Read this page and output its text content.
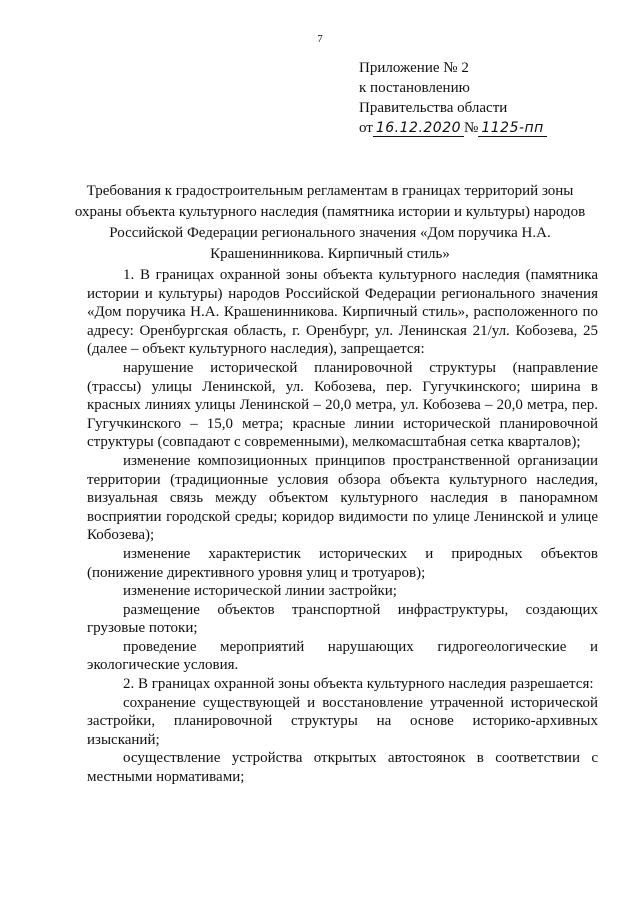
7
Приложение № 2
к постановлению
Правительства области
от 16.12.2020 № 1125-пп
Требования к градостроительным регламентам в границах территорий зоны охраны объекта культурного наследия (памятника истории и культуры) народов Российской Федерации регионального значения «Дом поручика Н.А. Крашенинникова. Кирпичный стиль»

1. В границах охранной зоны объекта культурного наследия (памятника истории и культуры) народов Российской Федерации регионального значения «Дом поручика Н.А. Крашенинникова. Кирпичный стиль», расположенного по адресу: Оренбургская область, г. Оренбург, ул. Ленинская 21/ул. Кобозева, 25 (далее – объект культурного наследия), запрещается:

нарушение исторической планировочной структуры (направление (трассы) улицы Ленинской, ул. Кобозева, пер. Гугучкинского; ширина в красных линиях улицы Ленинской – 20,0 метра, ул. Кобозева – 20,0 метра, пер. Гугучкинского – 15,0 метра; красные линии исторической планировочной структуры (совпадают с современными), мелкомасштабная сетка кварталов);

изменение композиционных принципов пространственной организации территории (традиционные условия обзора объекта культурного наследия, визуальная связь между объектом культурного наследия в панорамном восприятии городской среды; коридор видимости по улице Ленинской и улице Кобозева);

изменение характеристик исторических и природных объектов (понижение директивного уровня улиц и тротуаров);

изменение исторической линии застройки;

размещение объектов транспортной инфраструктуры, создающих грузовые потоки;

проведение мероприятий нарушающих гидрогеологические и экологические условия.

2. В границах охранной зоны объекта культурного наследия разрешается:

сохранение существующей и восстановление утраченной исторической застройки, планировочной структуры на основе историко-архивных изысканий;

осуществление устройства открытых автостоянок в соответствии с местными нормативами;
